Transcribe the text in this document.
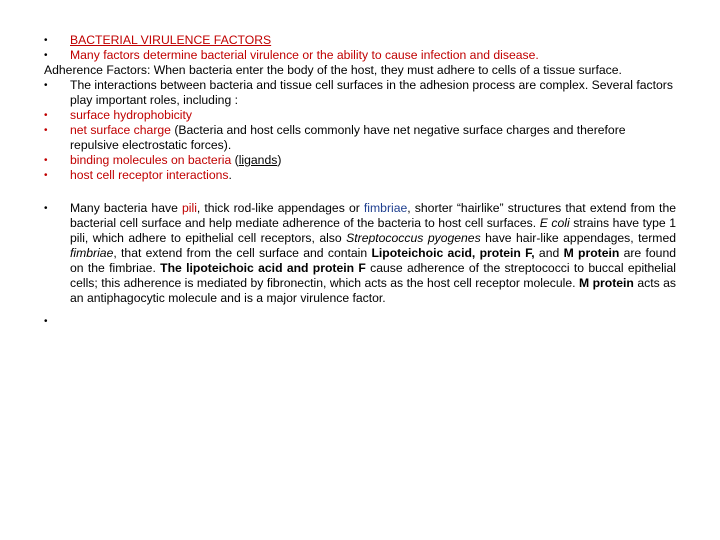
•	BACTERIAL VIRULENCE FACTORS
•	Many factors determine bacterial virulence or the ability to cause infection and disease.
Adherence Factors: When bacteria enter the body of the host, they must adhere to cells of a tissue surface.
•	The interactions between bacteria and tissue cell surfaces in the adhesion process are complex. Several factors play important roles, including :
•	surface hydrophobicity
•	net surface charge (Bacteria and host cells commonly have net negative surface charges and therefore repulsive electrostatic forces).
•	binding molecules on bacteria (ligands)
•	host cell receptor interactions.
•	Many bacteria have pili, thick rod-like appendages or fimbriae, shorter “hairlike” structures that extend from the bacterial cell surface and help mediate adherence of the bacteria to host cell surfaces. E coli strains have type 1 pili, which adhere to epithelial cell receptors, also Streptococcus pyogenes have hair-like appendages, termed fimbriae, that extend from the cell surface and contain Lipoteichoic acid, protein F, and M protein are found on the fimbriae. The lipoteichoic acid and protein F cause adherence of the streptococci to buccal epithelial cells; this adherence is mediated by fibronectin, which acts as the host cell receptor molecule. M protein acts as an antiphagocytic molecule and is a major virulence factor.
•
